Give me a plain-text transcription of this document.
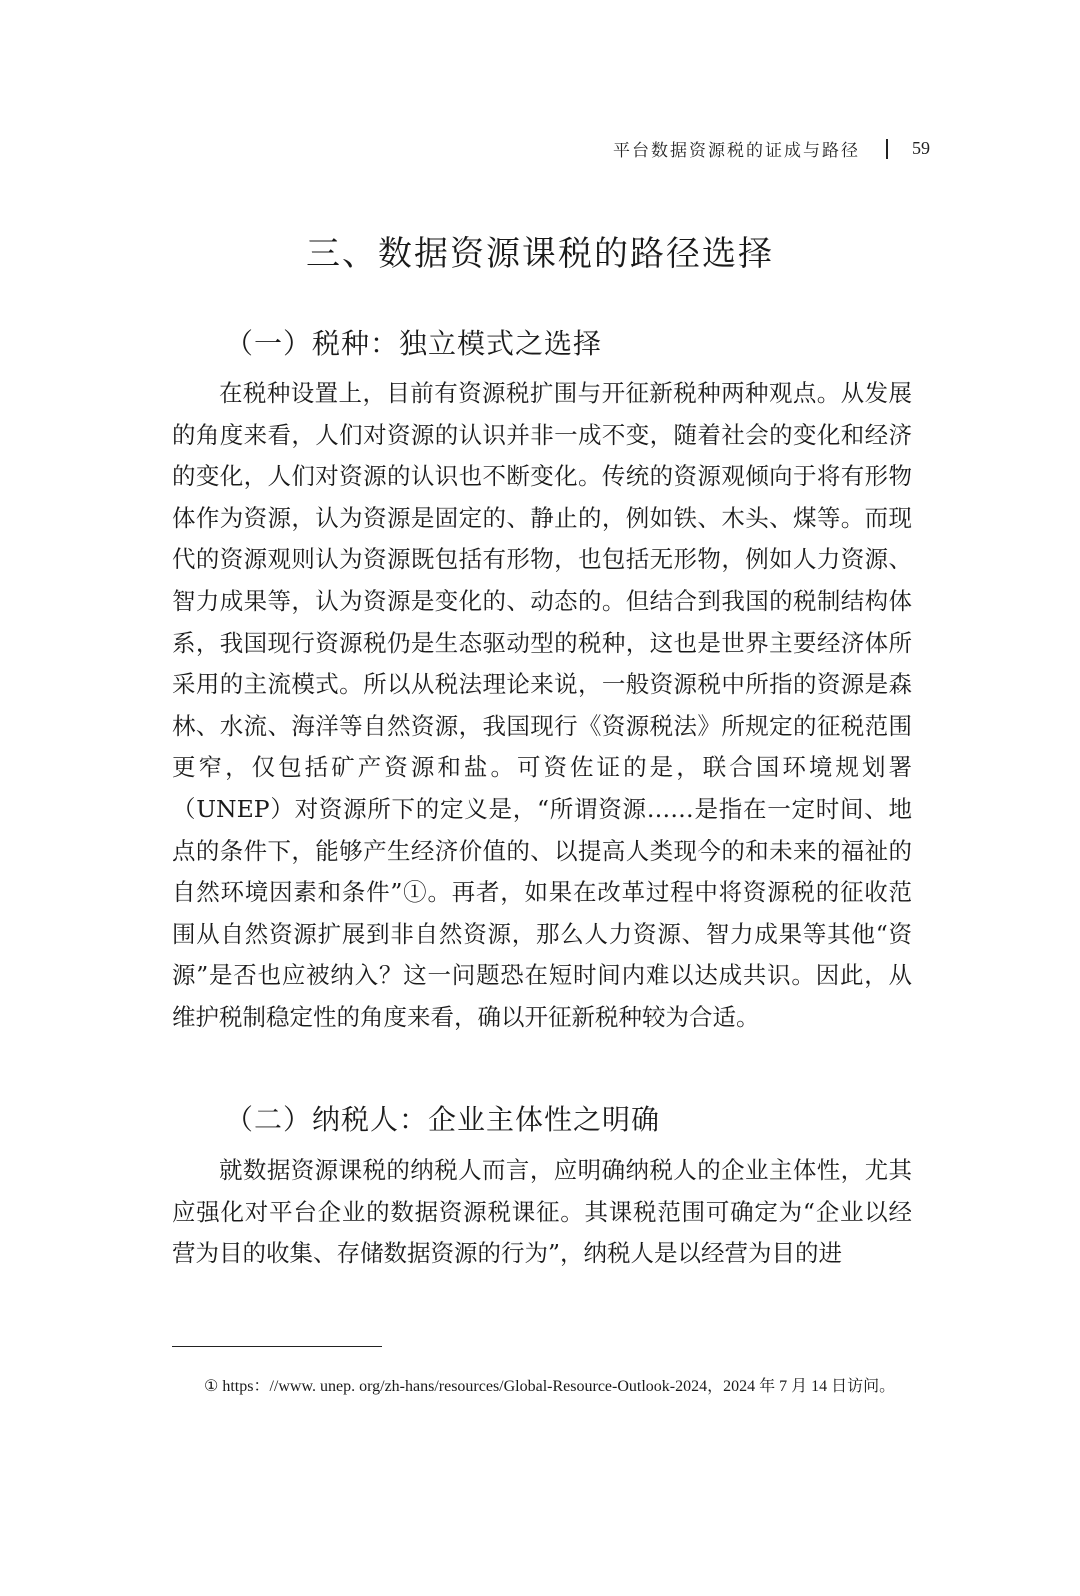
平台数据资源税的证成与路径	59
三、数据资源课税的路径选择
（一）税种：独立模式之选择

在税种设置上，目前有资源税扩围与开征新税种两种观点。从发展的角度来看，人们对资源的认识并非一成不变，随着社会的变化和经济的变化，人们对资源的认识也不断变化。传统的资源观倾向于将有形物体作为资源，认为资源是固定的、静止的，例如铁、木头、煤等。而现代的资源观则认为资源既包括有形物，也包括无形物，例如人力资源、智力成果等，认为资源是变化的、动态的。但结合到我国的税制结构体系，我国现行资源税仍是生态驱动型的税种，这也是世界主要经济体所采用的主流模式。所以从税法理论来说，一般资源税中所指的资源是森林、水流、海洋等自然资源，我国现行《资源税法》所规定的征税范围更窄，仅包括矿产资源和盐。可资佐证的是，联合国环境规划署（UNEP）对资源所下的定义是，“所谓资源……是指在一定时间、地点的条件下，能够产生经济价值的、以提高人类现今的和未来的福祉的自然环境因素和条件”①。再者，如果在改革过程中将资源税的征收范围从自然资源扩展到非自然资源，那么人力资源、智力成果等其他“资源”是否也应被纳入？这一问题恐在短时间内难以达成共识。因此，从维护税制稳定性的角度来看，确以开征新税种较为合适。

（二）纳税人：企业主体性之明确

就数据资源课税的纳税人而言，应明确纳税人的企业主体性，尤其应强化对平台企业的数据资源税课征。其课税范围可确定为“企业以经营为目的收集、存储数据资源的行为”，纳税人是以经营为目的进

① https：//www. unep. org/zh-hans/resources/Global-Resource-Outlook-2024，2024 年 7 月 14 日访问。
